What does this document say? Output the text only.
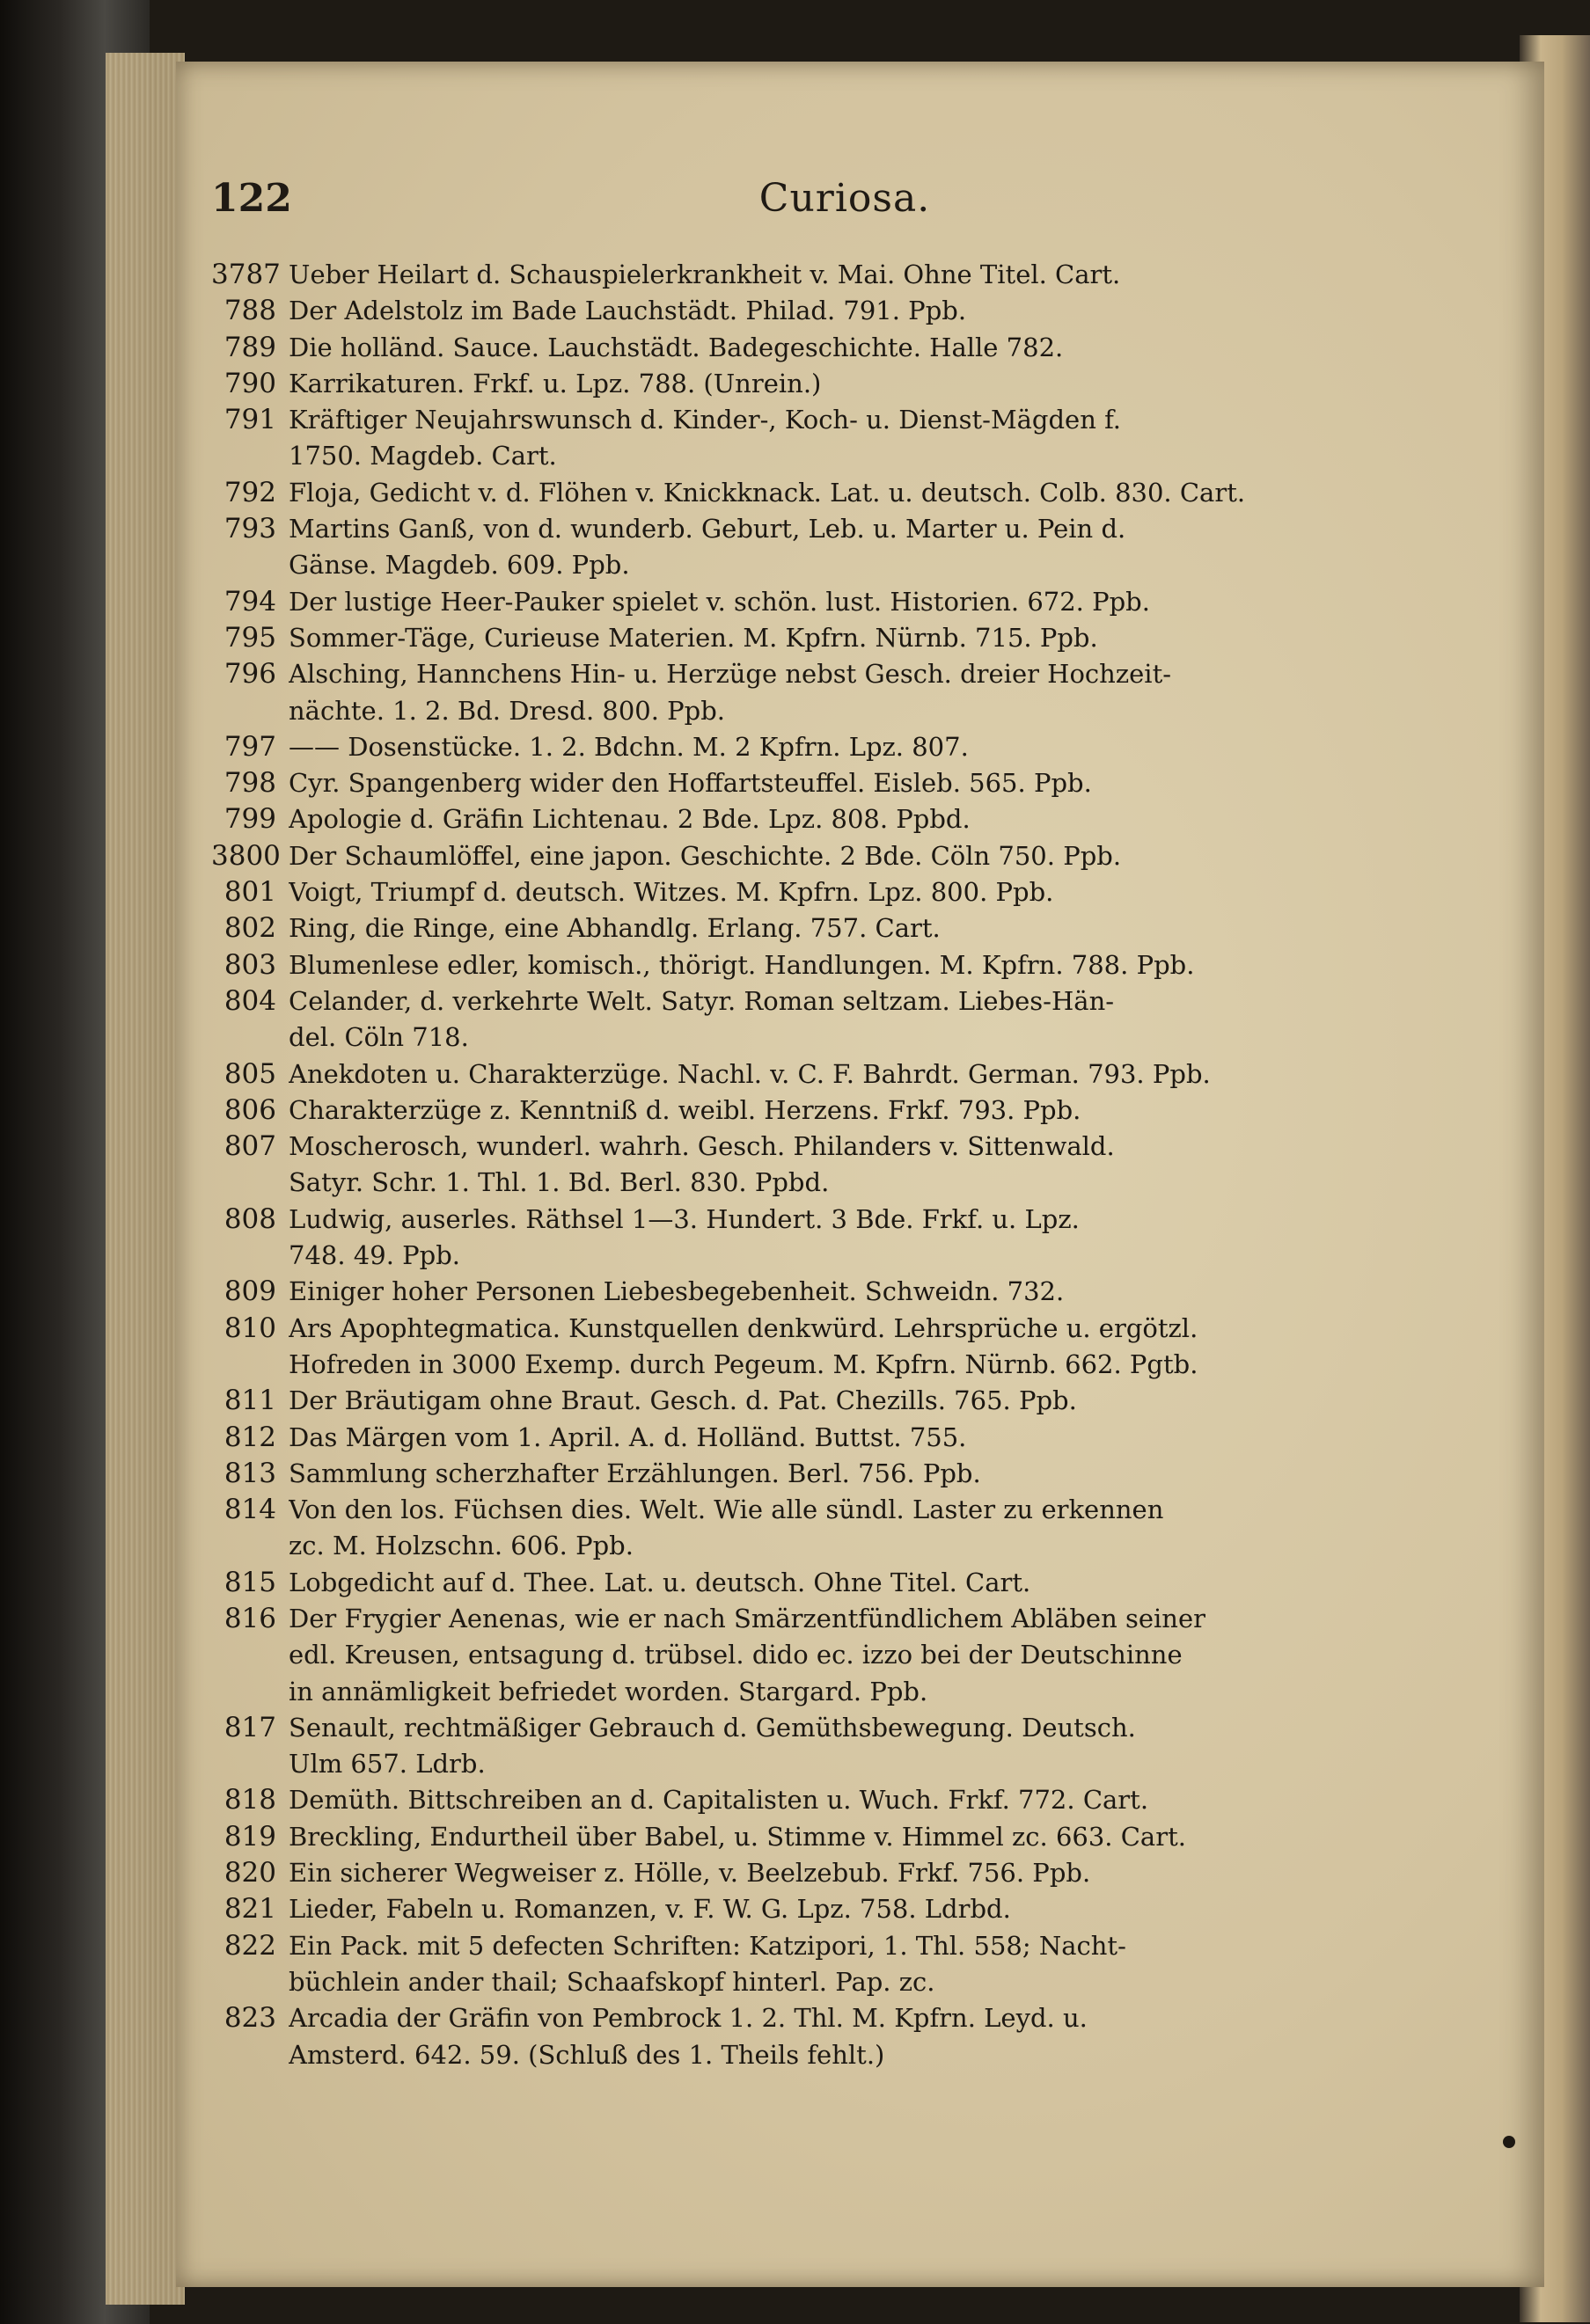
122	Curiosa.
3787 Ueber Heilart d. Schauspielerkrankheit v. Mai. Ohne Titel. Cart.
788 Der Adelstolz im Bade Lauchstädt. Philad. 791. Ppb.
789 Die holländ. Sauce. Lauchstädt. Badegeschichte. Halle 782.
790 Karrikaturen. Frkf. u. Lpz. 788. (Unrein.)
791 Kräftiger Neujahrswunsch d. Kinder-, Koch- u. Dienst-Mägden f.
1750. Magdeb. Cart.
792 Floja, Gedicht v. d. Flöhen v. Knickknack. Lat. u. deutsch. Colb. 830. Cart.
793 Martins Ganß, von d. wunderb. Geburt, Leb. u. Marter u. Pein d.
Gänse. Magdeb. 609. Ppb.
794 Der lustige Heer-Pauker spielet v. schön. lust. Historien. 672. Ppb.
795 Sommer-Täge, Curieuse Materien. M. Kpfrn. Nürnb. 715. Ppb.
796 Alsching, Hannchens Hin- u. Herzüge nebst Gesch. dreier Hochzeit-
nächte. 1. 2. Bd. Dresd. 800. Ppb.
797 —— Dosenstücke. 1. 2. Bdchn. M. 2 Kpfrn. Lpz. 807.
798 Cyr. Spangenberg wider den Hoffartsteuffel. Eisleb. 565. Ppb.
799 Apologie d. Gräfin Lichtenau. 2 Bde. Lpz. 808. Ppbd.
3800 Der Schaumlöffel, eine japon. Geschichte. 2 Bde. Cöln 750. Ppb.
801 Voigt, Triumpf d. deutsch. Witzes. M. Kpfrn. Lpz. 800. Ppb.
802 Ring, die Ringe, eine Abhandlg. Erlang. 757. Cart.
803 Blumenlese edler, komisch., thörigt. Handlungen. M. Kpfrn. 788. Ppb.
804 Celander, d. verkehrte Welt. Satyr. Roman seltzam. Liebes-Hän-
del. Cöln 718.
805 Anekdoten u. Charakterzüge. Nachl. v. C. F. Bahrdt. German. 793. Ppb.
806 Charakterzüge z. Kenntniß d. weibl. Herzens. Frkf. 793. Ppb.
807 Moscherosch, wunderl. wahrh. Gesch. Philanders v. Sittenwald.
Satyr. Schr. 1. Thl. 1. Bd. Berl. 830. Ppbd.
808 Ludwig, auserles. Räthsel 1—3. Hundert. 3 Bde. Frkf. u. Lpz.
748. 49. Ppb.
809 Einiger hoher Personen Liebesbegebenheit. Schweidn. 732.
810 Ars Apophtegmatica. Kunstquellen denkwürd. Lehrsprüche u. ergötzl.
Hofreden in 3000 Exemp. durch Pegeum. M. Kpfrn. Nürnb. 662. Pgtb.
811 Der Bräutigam ohne Braut. Gesch. d. Pat. Chezills. 765. Ppb.
812 Das Märgen vom 1. April. A. d. Holländ. Buttst. 755.
813 Sammlung scherzhafter Erzählungen. Berl. 756. Ppb.
814 Von den los. Füchsen dies. Welt. Wie alle sündl. Laster zu erkennen
zc. M. Holzschn. 606. Ppb.
815 Lobgedicht auf d. Thee. Lat. u. deutsch. Ohne Titel. Cart.
816 Der Frygier Aenenas, wie er nach Smärzentfündlichem Abläben seiner
edl. Kreusen, entsagung d. trübsel. dido ec. izzo bei der Deutschinne
in annämligkeit befriedet worden. Stargard. Ppb.
817 Senault, rechtmäßiger Gebrauch d. Gemüthsbewegung. Deutsch.
Ulm 657. Ldrb.
818 Demüth. Bittschreiben an d. Capitalisten u. Wuch. Frkf. 772. Cart.
819 Breckling, Endurtheil über Babel, u. Stimme v. Himmel zc. 663. Cart.
820 Ein sicherer Wegweiser z. Hölle, v. Beelzebub. Frkf. 756. Ppb.
821 Lieder, Fabeln u. Romanzen, v. F. W. G. Lpz. 758. Ldrbd.
822 Ein Pack. mit 5 defecten Schriften: Katzipori, 1. Thl. 558; Nacht-
büchlein ander thail; Schaafskopf hinterl. Pap. zc.
823 Arcadia der Gräfin von Pembrock 1. 2. Thl. M. Kpfrn. Leyd. u.
Amsterd. 642. 59. (Schluß des 1. Theils fehlt.)
